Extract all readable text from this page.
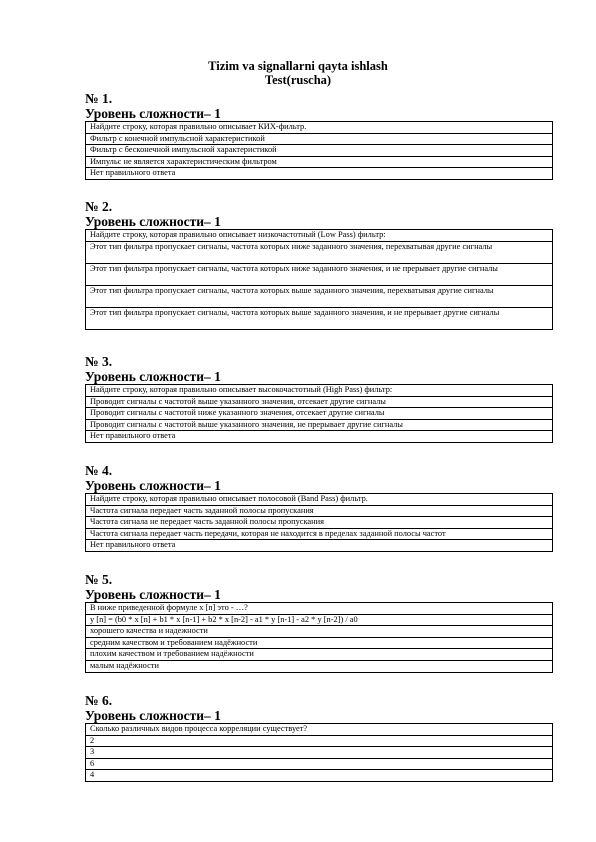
Tizim va signallarni qayta ishlash
Test(ruscha)
№ 1.
Уровень сложности– 1
Найдите строку, которая правильно описывает КИХ-фильтр.
Фильтр с конечной импульсной характеристикой
Фильтр с бесконечной импульсной характеристикой
Импульс не является характеристическим фильтром
Нет правильного ответа
№ 2.
Уровень сложности– 1
Найдите строку, которая правильно описывает низкочастотный (Low Pass) фильтр:
Этот тип фильтра пропускает сигналы, частота которых ниже заданного значения, перехватывая другие сигналы
Этот тип фильтра пропускает сигналы, частота которых ниже заданного значения, и не прерывает другие сигналы
Этот тип фильтра пропускает сигналы, частота которых выше заданного значения, перехватывая другие сигналы
Этот тип фильтра пропускает сигналы, частота которых выше заданного значения, и не прерывает другие сигналы
№ 3.
Уровень сложности– 1
Найдите строку, которая правильно описывает высокочастотный (High Pass) фильтр:
Проводит сигналы с частотой выше указанного значения, отсекает другие сигналы
Проводит сигналы с частотой ниже указанного значения, отсекает другие сигналы
Проводит сигналы с частотой выше указанного значения, не прерывает другие сигналы
Нет правильного ответа
№ 4.
Уровень сложности– 1
Найдите строку, которая правильно описывает полосовой (Band Pass) фильтр.
Частота сигнала передает часть заданной полосы пропускания
Частота сигнала не передает часть заданной полосы пропускания
Частота сигнала передает часть передачи, которая не находится в пределах заданной полосы частот
Нет правильного ответа
№ 5.
Уровень сложности– 1
В ниже приведенной формуле x [n] это - …?
y [n] = (b0 * x [n] + b1 * x [n-1] + b2 * x [n-2] - a1 * y [n-1] - a2 * y [n-2]) / a0
хорошего качества и надежности
средним качеством и требованием надёжности
плохим качеством и требованием надёжности
малым надёжности
№ 6.
Уровень сложности– 1
Сколько различных видов процесса корреляции существует?
2
3
6
4
